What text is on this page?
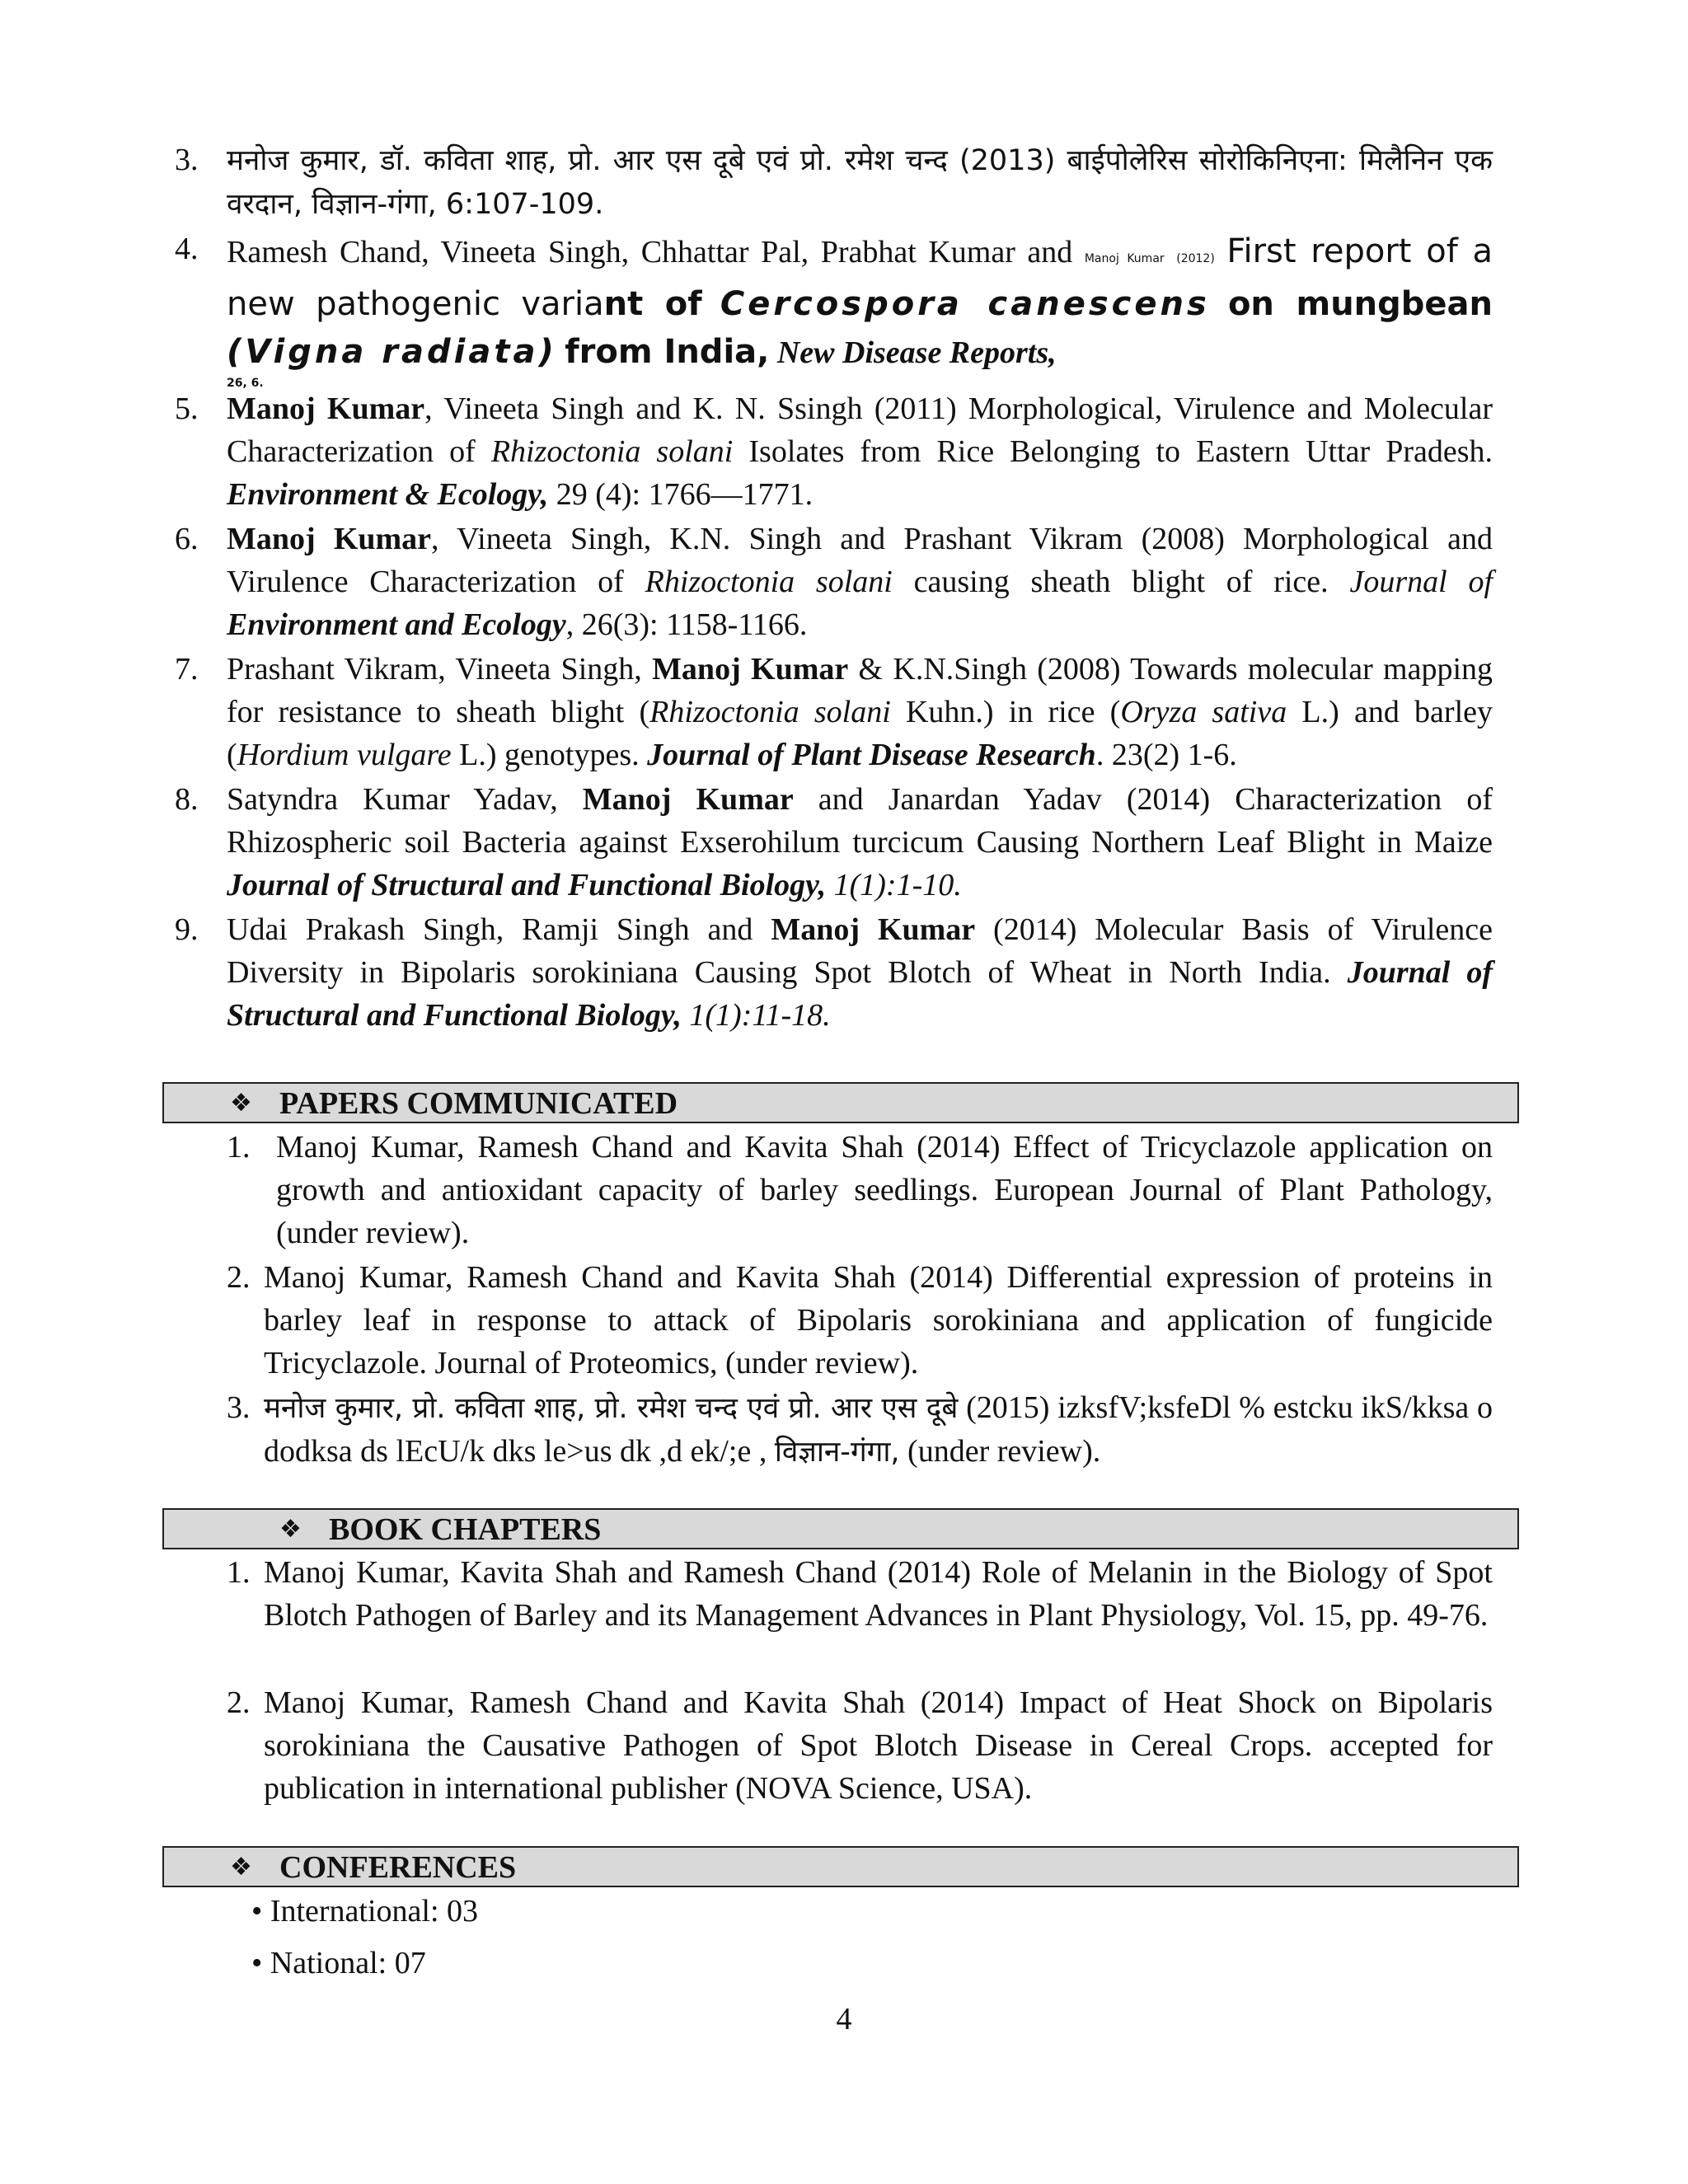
3. मनोज कुमार, डॉ. कविता शाह, प्रो. आर एस दूबे एवं प्रो. रमेश चन्द (2013) बाईपोलेरिस सोरोकिनिएना: मिलैनिन एक वरदान, विज्ञान-गंगा, 6:107-109.
4. Ramesh Chand, Vineeta Singh, Chhattar Pal, Prabhat Kumar and Manoj Kumar (2012) First report of a new pathogenic variant of Cercospora canescens on mungbean (Vigna radiata) from India, New Disease Reports,
26, 6.
5. Manoj Kumar, Vineeta Singh and K. N. Ssingh (2011) Morphological, Virulence and Molecular Characterization of Rhizoctonia solani Isolates from Rice Belonging to Eastern Uttar Pradesh. Environment & Ecology, 29 (4): 1766—1771.
6. Manoj Kumar, Vineeta Singh, K.N. Singh and Prashant Vikram (2008) Morphological and Virulence Characterization of Rhizoctonia solani causing sheath blight of rice. Journal of Environment and Ecology, 26(3): 1158-1166.
7. Prashant Vikram, Vineeta Singh, Manoj Kumar & K.N.Singh (2008) Towards molecular mapping for resistance to sheath blight (Rhizoctonia solani Kuhn.) in rice (Oryza sativa L.) and barley (Hordium vulgare L.) genotypes. Journal of Plant Disease Research. 23(2) 1-6.
8. Satyndra Kumar Yadav, Manoj Kumar and Janardan Yadav (2014) Characterization of Rhizospheric soil Bacteria against Exserohilum turcicum Causing Northern Leaf Blight in Maize Journal of Structural and Functional Biology, 1(1):1-10.
9. Udai Prakash Singh, Ramji Singh and Manoj Kumar (2014) Molecular Basis of Virulence Diversity in Bipolaris sorokiniana Causing Spot Blotch of Wheat in North India. Journal of Structural and Functional Biology, 1(1):11-18.
❖ PAPERS COMMUNICATED
1. Manoj Kumar, Ramesh Chand and Kavita Shah (2014) Effect of Tricyclazole application on growth and antioxidant capacity of barley seedlings. European Journal of Plant Pathology, (under review).
2. Manoj Kumar, Ramesh Chand and Kavita Shah (2014) Differential expression of proteins in barley leaf in response to attack of Bipolaris sorokiniana and application of fungicide Tricyclazole. Journal of Proteomics, (under review).
3. मनोज कुमार, प्रो. कविता शाह, प्रो. रमेश चन्द एवं प्रो. आर एस दूबे (2015) izksfV;ksfeDl % estcku ikS/kksa o dodksa ds lEcU/k dks le>us dk ,d ek/;e , विज्ञान-गंगा, (under review).
❖ BOOK CHAPTERS
1. Manoj Kumar, Kavita Shah and Ramesh Chand (2014) Role of Melanin in the Biology of Spot Blotch Pathogen of Barley and its Management Advances in Plant Physiology, Vol. 15, pp. 49-76.
2. Manoj Kumar, Ramesh Chand and Kavita Shah (2014) Impact of Heat Shock on Bipolaris sorokiniana the Causative Pathogen of Spot Blotch Disease in Cereal Crops. accepted for publication in international publisher (NOVA Science, USA).
❖ CONFERENCES
• International: 03
• National: 07
4
